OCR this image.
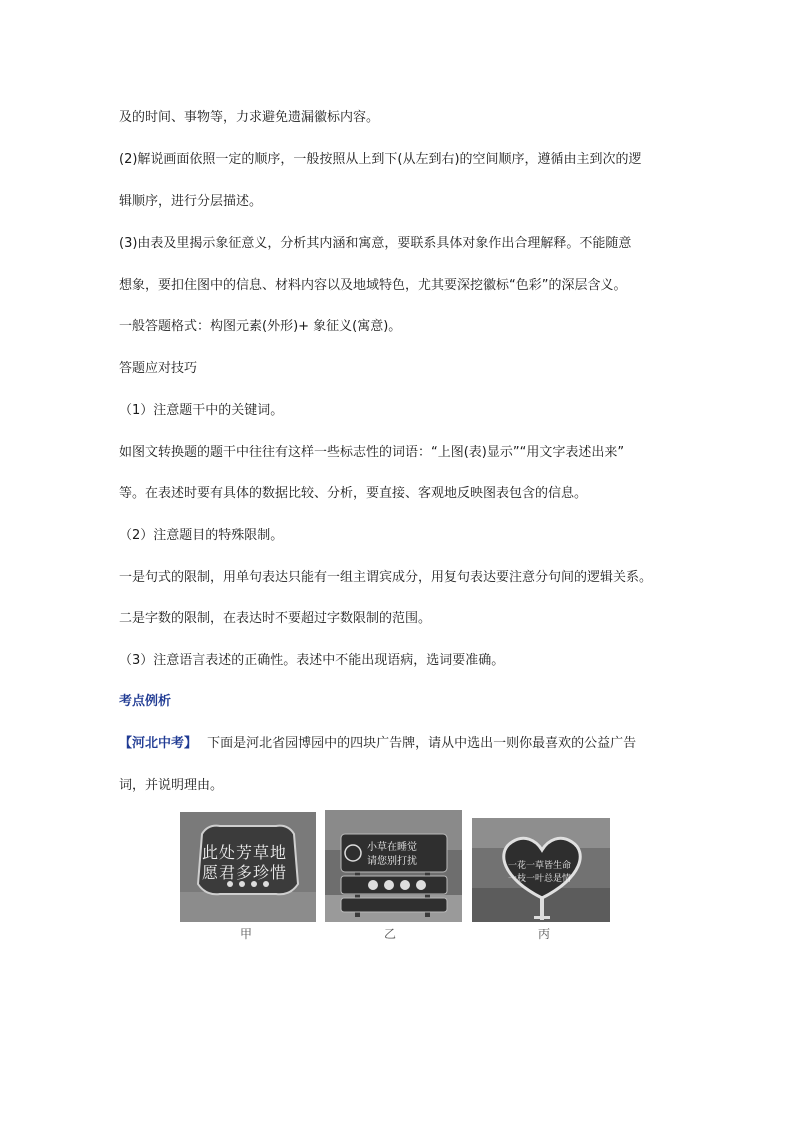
及的时间、事物等，力求避免遗漏徽标内容。
(2)解说画面依照一定的顺序，一般按照从上到下(从左到右)的空间顺序，遵循由主到次的逻
辑顺序，进行分层描述。
(3)由表及里揭示象征意义，分析其内涵和寓意，要联系具体对象作出合理解释。不能随意
想象，要扣住图中的信息、材料内容以及地域特色，尤其要深挖徽标“色彩”的深层含义。
一般答题格式：构图元素(外形)+ 象征义(寓意)。
答题应对技巧
（1）注意题干中的关键词。
如图文转换题的题干中往往有这样一些标志性的词语：“上图(表)显示”“用文字表述出来”
等。在表述时要有具体的数据比较、分析，要直接、客观地反映图表包含的信息。
（2）注意题目的特殊限制。
一是句式的限制，用单句表达只能有一组主谓宾成分，用复句表达要注意分句间的逻辑关系。
二是字数的限制，在表达时不要超过字数限制的范围。
（3）注意语言表述的正确性。表述中不能出现语病，选词要准确。
考点例析
【河北中考】 下面是河北省园博园中的四块广告牌，请从中选出一则你最喜欢的公益广告
词，并说明理由。
此处芳草地
愿君多珍惜
甲
小草在睡觉
请您别打扰
乙
一花一草皆生命
一枝一叶总是情
丙
